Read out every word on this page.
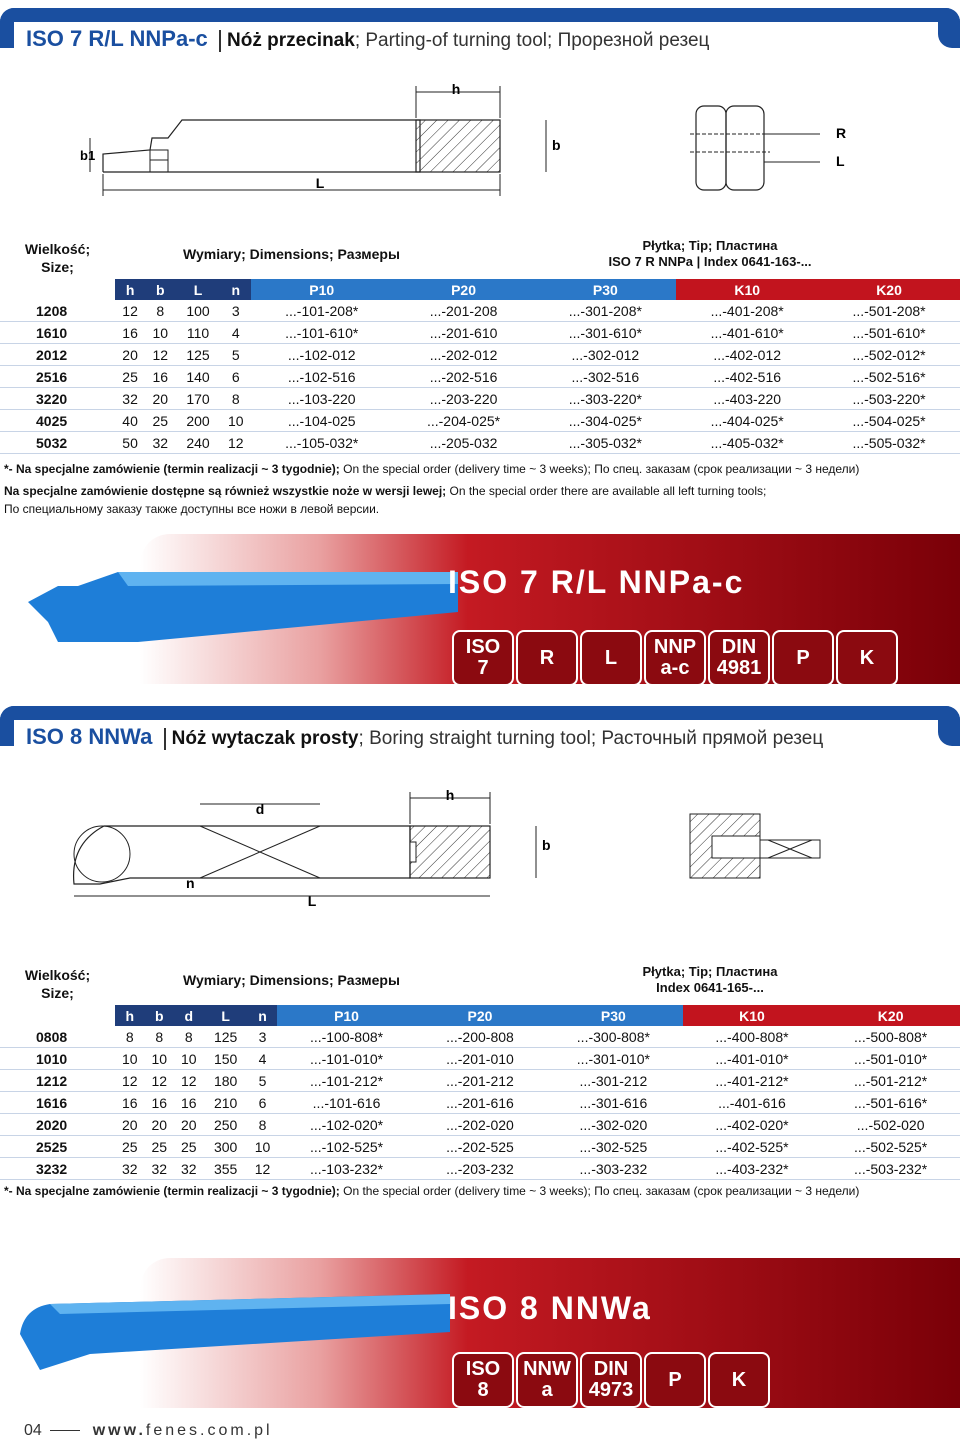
ISO 7 R/L NNPa-c Nóż przecinak; Parting-of turning tool; Прорезной резец
h
L
b
b1
R
L
Wielkość;
Size;
Wymiary; Dimensions; Размеры
Płytka; Tip; Пластина
ISO 7 R NNPa | Index 0641-163-...
	h	b	L	n	P10	P20	P30	K10	K20
1208	12	8	100	3	...-101-208*	...-201-208	...-301-208*	...-401-208*	...-501-208*
1610	16	10	110	4	...-101-610*	...-201-610	...-301-610*	...-401-610*	...-501-610*
2012	20	12	125	5	...-102-012	...-202-012	...-302-012	...-402-012	...-502-012*
2516	25	16	140	6	...-102-516	...-202-516	...-302-516	...-402-516	...-502-516*
3220	32	20	170	8	...-103-220	...-203-220	...-303-220*	...-403-220	...-503-220*
4025	40	25	200	10	...-104-025	...-204-025*	...-304-025*	...-404-025*	...-504-025*
5032	50	32	240	12	...-105-032*	...-205-032	...-305-032*	...-405-032*	...-505-032*
*- Na specjalne zamówienie (termin realizacji ~ 3 tygodnie); On the special order (delivery time ~ 3 weeks); По спец. заказам (срок реализации ~ 3 недели)
Na specjalne zamówienie dostępne są również wszystkie noże w wersji lewej; On the special order there are available all left turning tools;
По специальному заказу также доступны все ножи в левой версии.
ISO 7 R/L NNPa-c
ISO
7	R	L	NNP
a-c
DIN
4981	P	K
ISO 8 NNWa Nóż wytaczak prosty; Boring straight turning tool; Расточный прямой резец
d
h
b
n
L
Wielkość;
Size;
Wymiary; Dimensions; Размеры
Płytka; Tip; Пластина
Index 0641-165-...
	h	b	d	L	n	P10	P20	P30	K10	K20
0808	8	8	8	125	3	...-100-808*	...-200-808	...-300-808*	...-400-808*	...-500-808*
1010	10	10	10	150	4	...-101-010*	...-201-010	...-301-010*	...-401-010*	...-501-010*
1212	12	12	12	180	5	...-101-212*	...-201-212	...-301-212	...-401-212*	...-501-212*
1616	16	16	16	210	6	...-101-616	...-201-616	...-301-616	...-401-616	...-501-616*
2020	20	20	20	250	8	...-102-020*	...-202-020	...-302-020	...-402-020*	...-502-020
2525	25	25	25	300	10	...-102-525*	...-202-525	...-302-525	...-402-525*	...-502-525*
3232	32	32	32	355	12	...-103-232*	...-203-232	...-303-232	...-403-232*	...-503-232*
*- Na specjalne zamówienie (termin realizacji ~ 3 tygodnie); On the special order (delivery time ~ 3 weeks); По спец. заказам (срок реализации ~ 3 недели)
ISO 8 NNWa
ISO
8
NNW
a
DIN
4973	P	K
04	www.fenes.com.pl
